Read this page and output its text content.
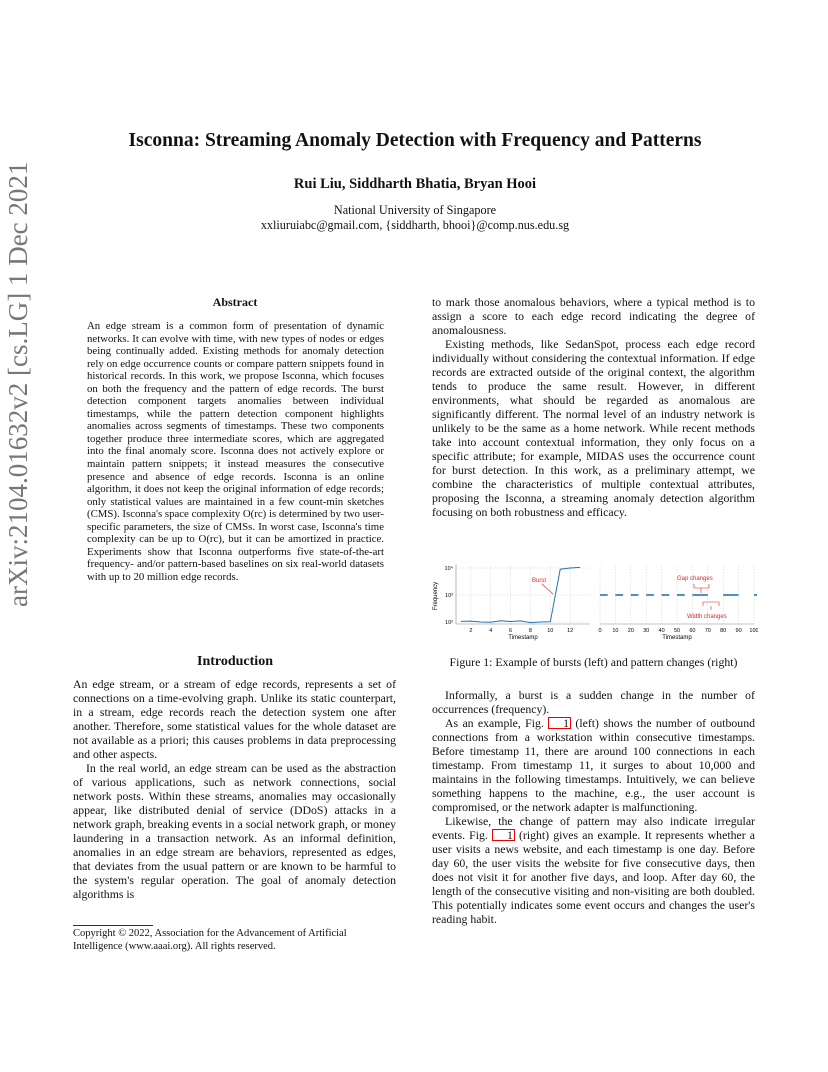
arXiv:2104.01632v2 [cs.LG] 1 Dec 2021
Isconna: Streaming Anomaly Detection with Frequency and Patterns
Rui Liu, Siddharth Bhatia, Bryan Hooi
National University of Singapore
xxliuruiabc@gmail.com, {siddharth, bhooi}@comp.nus.edu.sg
Abstract

An edge stream is a common form of presentation of dynamic networks. It can evolve with time, with new types of nodes or edges being continually added. Existing methods for anomaly detection rely on edge occurrence counts or compare pattern snippets found in historical records. In this work, we propose Isconna, which focuses on both the frequency and the pattern of edge records. The burst detection component targets anomalies between individual timestamps, while the pattern detection component highlights anomalies across segments of timestamps. These two components together produce three intermediate scores, which are aggregated into the final anomaly score. Isconna does not actively explore or maintain pattern snippets; it instead measures the consecutive presence and absence of edge records. Isconna is an online algorithm, it does not keep the original information of edge records; only statistical values are maintained in a few count-min sketches (CMS). Isconna's space complexity O(rc) is determined by two user-specific parameters, the size of CMSs. In worst case, Isconna's time complexity can be up to O(rc), but it can be amortized in practice. Experiments show that Isconna outperforms five state-of-the-art frequency- and/or pattern-based baselines on six real-world datasets with up to 20 million edge records.

Introduction

An edge stream, or a stream of edge records, represents a set of connections on a time-evolving graph. Unlike its static counterpart, in a stream, edge records reach the detection system one after another. Therefore, some statistical values for the whole dataset are not available as a priori; this causes problems in data preprocessing and other aspects.

In the real world, an edge stream can be used as the abstraction of various applications, such as network connections, social network posts. Within these streams, anomalies may occasionally appear, like distributed denial of service (DDoS) attacks in a network graph, breaking events in a social network graph, or money laundering in a transaction network. As an informal definition, anomalies in an edge stream are behaviors, represented as edges, that deviates from the usual pattern or are known to be harmful to the system's regular operation. The goal of anomaly detection algorithms is

Copyright © 2022, Association for the Advancement of Artificial Intelligence (www.aaai.org). All rights reserved.

to mark those anomalous behaviors, where a typical method is to assign a score to each edge record indicating the degree of anomalousness.

Existing methods, like SedanSpot, process each edge record individually without considering the contextual information. If edge records are extracted outside of the original context, the algorithm tends to produce the same result. However, in different environments, what should be regarded as anomalous are significantly different. The normal level of an industry network is unlikely to be the same as a home network. While recent methods take into account contextual information, they only focus on a specific attribute; for example, MIDAS uses the occurrence count for burst detection. In this work, as a preliminary attempt, we combine the characteristics of multiple contextual attributes, proposing the Isconna, a streaming anomaly detection algorithm focusing on both robustness and efficacy.

10⁴
10³
10²
2	4	6	8	10 12
Frequency
Timestamp
Burst
0 10 20 30 40 50 60 70 80 90 100
Timestamp
Gap changes
Width changes
Figure 1: Example of bursts (left) and pattern changes (right)

Informally, a burst is a sudden change in the number of occurrences (frequency).

As an example, Fig. 1 (left) shows the number of outbound connections from a workstation within consecutive timestamps. Before timestamp 11, there are around 100 connections in each timestamp. From timestamp 11, it surges to about 10,000 and maintains in the following timestamps. Intuitively, we can believe something happens to the machine, e.g., the user account is compromised, or the network adapter is malfunctioning.

Likewise, the change of pattern may also indicate irregular events. Fig. 1 (right) gives an example. It represents whether a user visits a news website, and each timestamp is one day. Before day 60, the user visits the website for five consecutive days, then does not visit it for another five days, and loop. After day 60, the length of the consecutive visiting and non-visiting are both doubled. This potentially indicates some event occurs and changes the user's reading habit.
